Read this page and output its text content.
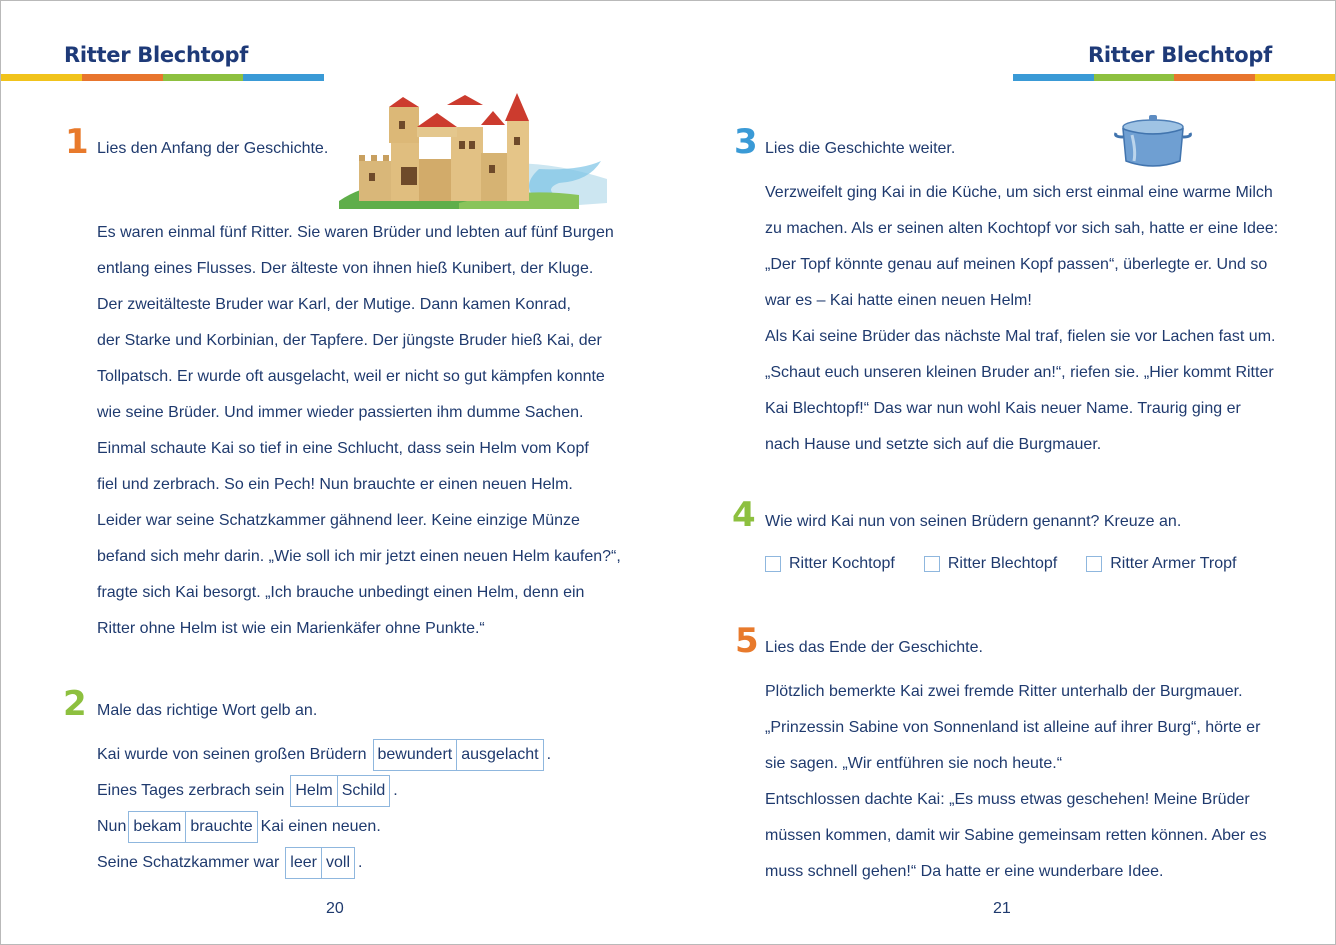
Ritter Blechtopf
1 Lies den Anfang der Geschichte.
Es waren einmal fünf Ritter. Sie waren Brüder und lebten auf fünf Burgen
entlang eines Flusses. Der älteste von ihnen hieß Kunibert, der Kluge.
Der zweitälteste Bruder war Karl, der Mutige. Dann kamen Konrad,
der Starke und Korbinian, der Tapfere. Der jüngste Bruder hieß Kai, der
Tollpatsch. Er wurde oft ausgelacht, weil er nicht so gut kämpfen konnte
wie seine Brüder. Und immer wieder passierten ihm dumme Sachen.
Einmal schaute Kai so tief in eine Schlucht, dass sein Helm vom Kopf
fiel und zerbrach. So ein Pech! Nun brauchte er einen neuen Helm.
Leider war seine Schatzkammer gähnend leer. Keine einzige Münze
befand sich mehr darin. „Wie soll ich mir jetzt einen neuen Helm kaufen?“,
fragte sich Kai besorgt. „Ich brauche unbedingt einen Helm, denn ein
Ritter ohne Helm ist wie ein Marienkäfer ohne Punkte.“
2 Male das richtige Wort gelb an.
Kai wurde von seinen großen Brüdern bewundert ausgelacht .
Eines Tages zerbrach sein Helm Schild .
Nun bekam brauchte Kai einen neuen.
Seine Schatzkammer war leer voll .
20
Ritter Blechtopf
3 Lies die Geschichte weiter.
Verzweifelt ging Kai in die Küche, um sich erst einmal eine warme Milch
zu machen. Als er seinen alten Kochtopf vor sich sah, hatte er eine Idee:
„Der Topf könnte genau auf meinen Kopf passen“, überlegte er. Und so
war es – Kai hatte einen neuen Helm!
Als Kai seine Brüder das nächste Mal traf, fielen sie vor Lachen fast um.
„Schaut euch unseren kleinen Bruder an!“, riefen sie. „Hier kommt Ritter
Kai Blechtopf!“ Das war nun wohl Kais neuer Name. Traurig ging er
nach Hause und setzte sich auf die Burgmauer.
4 Wie wird Kai nun von seinen Brüdern genannt? Kreuze an.
Ritter Kochtopf	Ritter Blechtopf	Ritter Armer Tropf
5 Lies das Ende der Geschichte.
Plötzlich bemerkte Kai zwei fremde Ritter unterhalb der Burgmauer.
„Prinzessin Sabine von Sonnenland ist alleine auf ihrer Burg“, hörte er
sie sagen. „Wir entführen sie noch heute.“
Entschlossen dachte Kai: „Es muss etwas geschehen! Meine Brüder
müssen kommen, damit wir Sabine gemeinsam retten können. Aber es
muss schnell gehen!“ Da hatte er eine wunderbare Idee.
21
